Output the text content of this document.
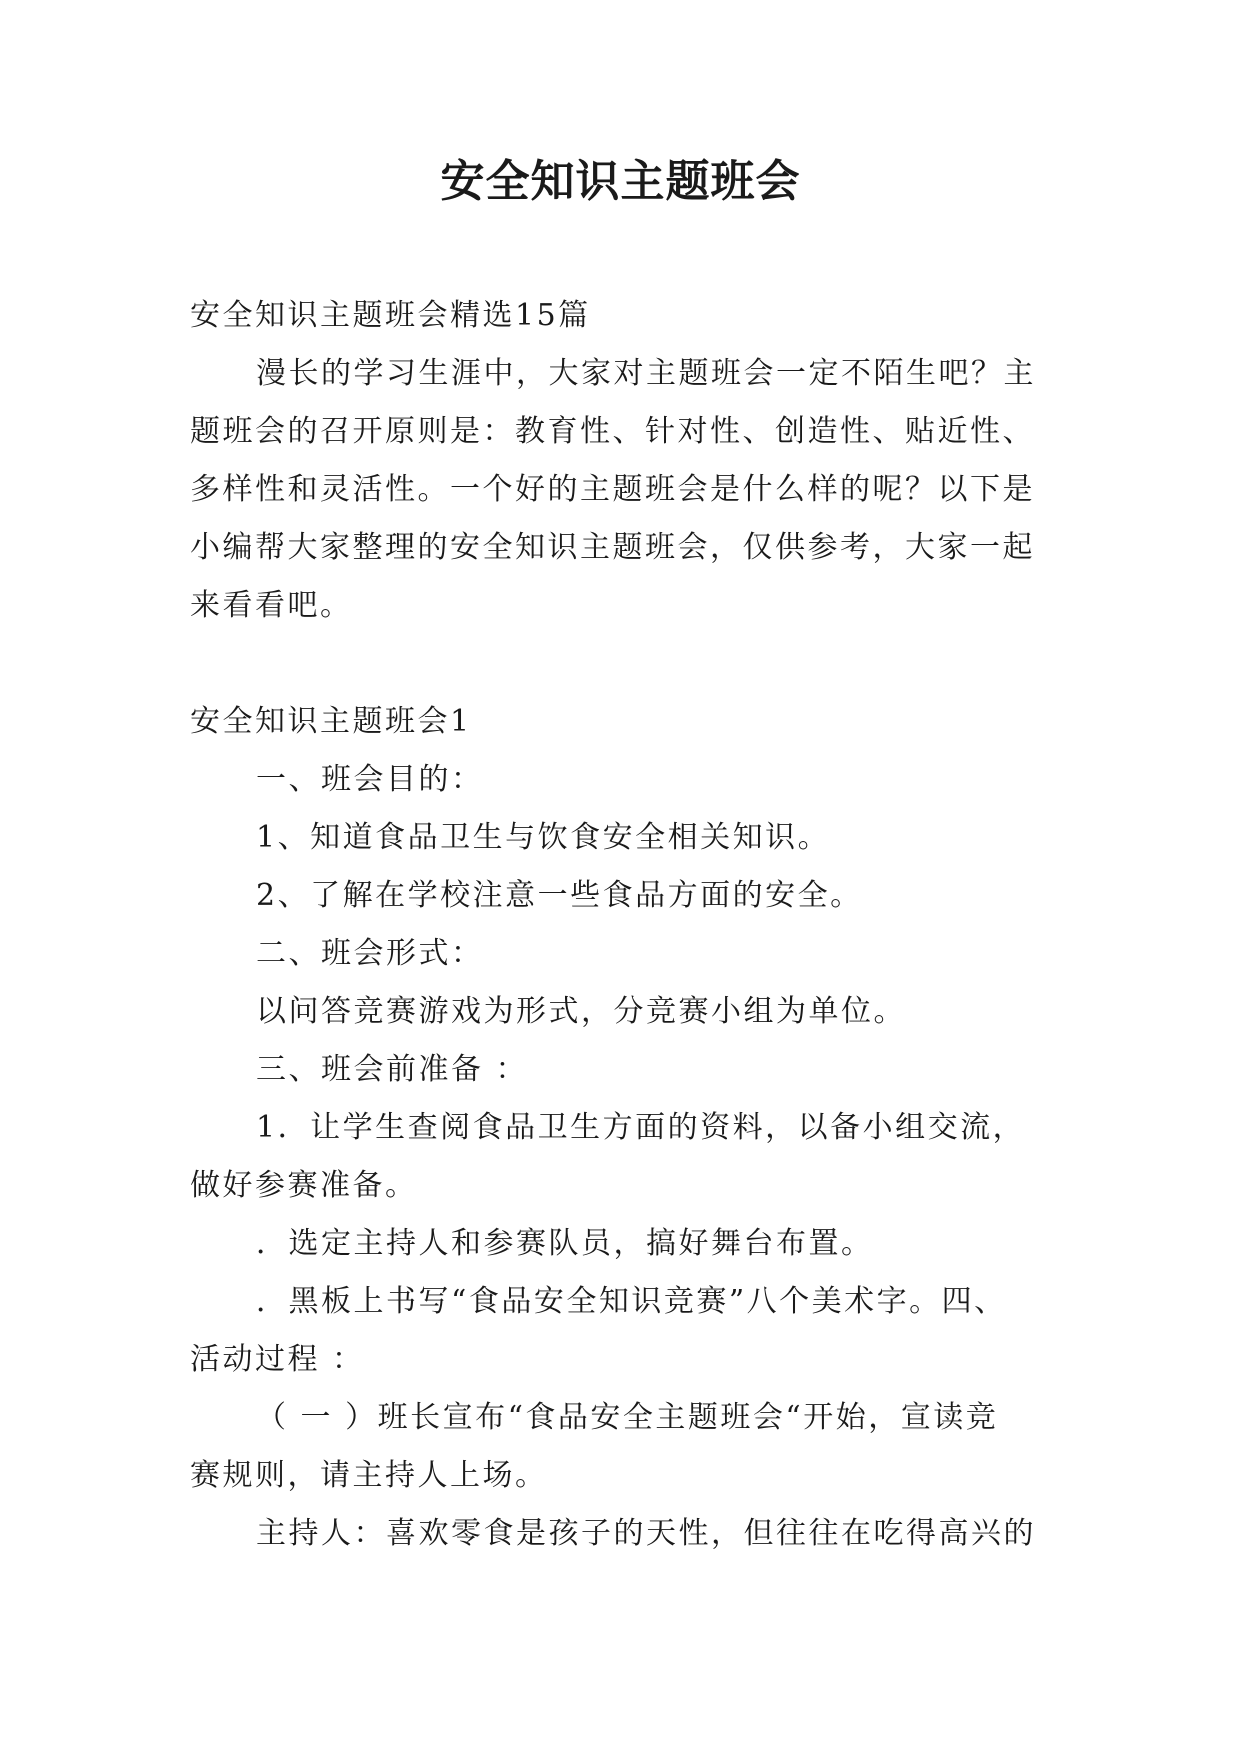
安全知识主题班会
安全知识主题班会精选15篇
漫长的学习生涯中，大家对主题班会一定不陌生吧？主
题班会的召开原则是：教育性、针对性、创造性、贴近性、
多样性和灵活性。一个好的主题班会是什么样的呢？以下是
小编帮大家整理的安全知识主题班会，仅供参考，大家一起
来看看吧。
安全知识主题班会1
一、班会目的：
1、知道食品卫生与饮食安全相关知识。
2、了解在学校注意一些食品方面的安全。
二、班会形式：
以问答竞赛游戏为形式，分竞赛小组为单位。
三、班会前准备 ：
1．让学生查阅食品卫生方面的资料，以备小组交流，
做好参赛准备。
．选定主持人和参赛队员，搞好舞台布置。
．黑板上书写“食品安全知识竞赛”八个美术字。四、
活动过程 ：
（ 一 ）班长宣布“食品安全主题班会“开始，宣读竞
赛规则，请主持人上场。
主持人：喜欢零食是孩子的天性，但往往在吃得高兴的
